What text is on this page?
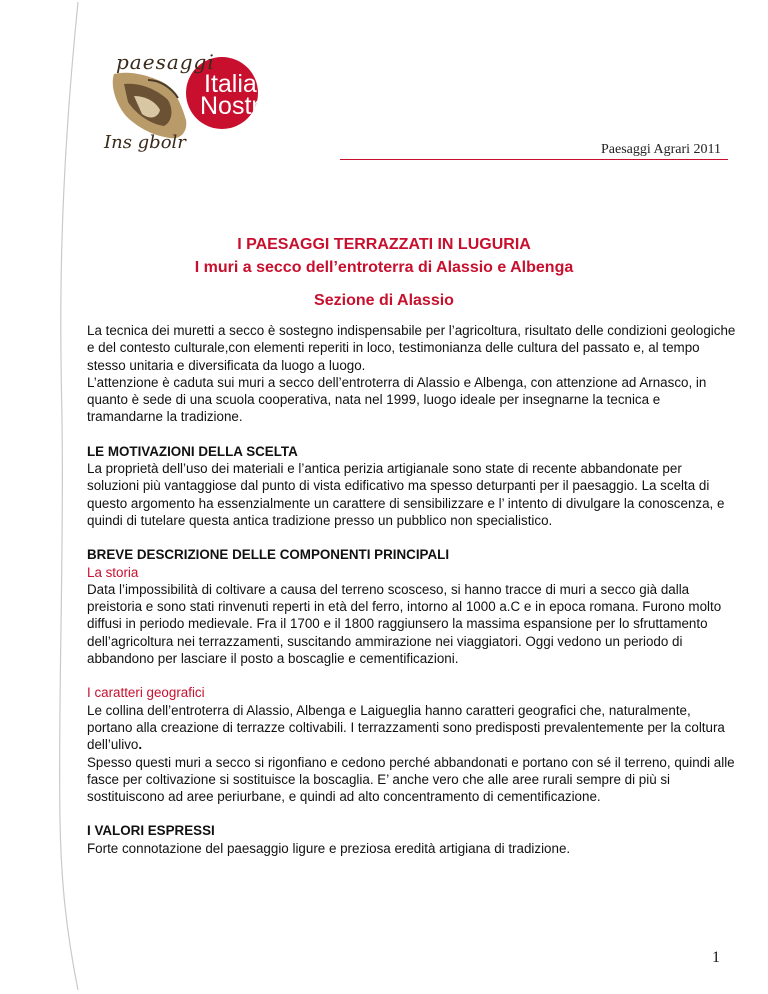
paesaggi
Italia
Nostra
Ins gbolr	Paesaggi Agrari 2011
I PAESAGGI TERRAZZATI IN LUGURIA
I muri a secco dell’entroterra di Alassio e Albenga
Sezione di Alassio

La tecnica dei muretti a secco è sostegno indispensabile per l’agricoltura, risultato delle condizioni geologiche e del contesto culturale,con elementi reperiti in loco, testimonianza delle cultura del passato e, al tempo stesso unitaria e diversificata da luogo a luogo.

L’attenzione è caduta sui muri a secco dell’entroterra di Alassio e Albenga, con attenzione ad Arnasco, in quanto è sede di una scuola cooperativa, nata nel 1999, luogo ideale per insegnarne la tecnica e tramandarne la tradizione.

LE MOTIVAZIONI DELLA SCELTA

La proprietà dell’uso dei materiali e l’antica perizia artigianale sono state di recente abbandonate per soluzioni più vantaggiose dal punto di vista edificativo ma spesso deturpanti per il paesaggio. La scelta di questo argomento ha essenzialmente un carattere di sensibilizzare e l’ intento di divulgare la conoscenza, e quindi di tutelare questa antica tradizione presso un pubblico non specialistico.

BREVE DESCRIZIONE DELLE COMPONENTI PRINCIPALI

La storia

Data l’impossibilità di coltivare a causa del terreno scosceso, si hanno tracce di muri a secco già dalla preistoria e sono stati rinvenuti reperti in età del ferro, intorno al 1000 a.C e in epoca romana. Furono molto diffusi in periodo medievale. Fra il 1700 e il 1800 raggiunsero la massima espansione per lo sfruttamento dell’agricoltura nei terrazzamenti, suscitando ammirazione nei viaggiatori. Oggi vedono un periodo di abbandono per lasciare il posto a boscaglie e cementificazioni.

I caratteri geografici

Le collina dell’entroterra di Alassio, Albenga e Laigueglia hanno caratteri geografici che, naturalmente, portano alla creazione di terrazze coltivabili. I terrazzamenti sono predisposti prevalentemente per la coltura dell’ulivo.

Spesso questi muri a secco si rigonfiano e cedono perché abbandonati e portano con sé il terreno, quindi alle fasce per coltivazione si sostituisce la boscaglia. E’ anche vero che alle aree rurali sempre di più si sostituiscono ad aree periurbane, e quindi ad alto concentramento di cementificazione.

I VALORI ESPRESSI

Forte connotazione del paesaggio ligure e preziosa eredità artigiana di tradizione.

1
